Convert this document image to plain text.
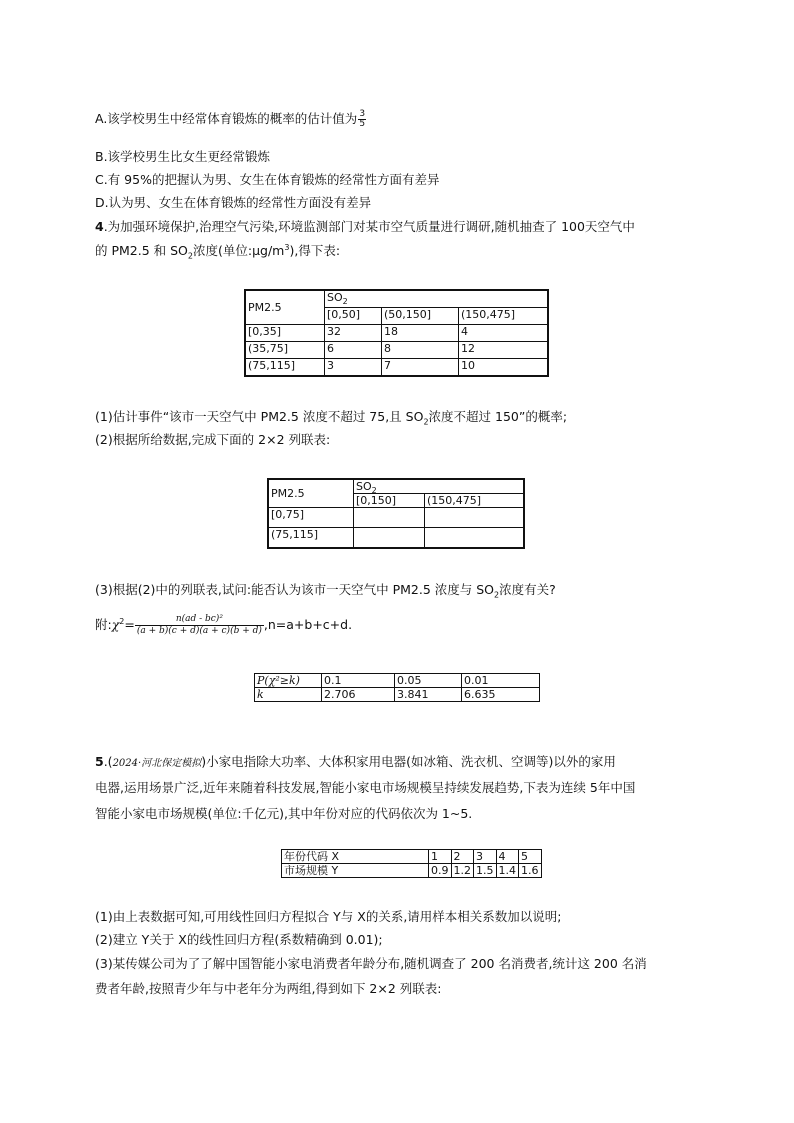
A.该学校男生中经常体育锻炼的概率的估计值为 $\frac{3}{5}$
B.该学校男生比女生更经常锻炼
C.有 95%的把握认为男、女生在体育锻炼的经常性方面有差异
D.认为男、女生在体育锻炼的经常性方面没有差异
4.为加强环境保护,治理空气污染,环境监测部门对某市空气质量进行调研,随机抽查了 100天空气中
的 PM2.5 和 $SO_2$浓度(单位$:\mu g/m^3$),得下表:
PM2.5	$SO_2$
	[0,50]	(50,150]	(150,475]
[0,35]	32	18	4
(35,75]	6	8	12
(75,115]	3	7	10
(1)估计事件“该市一天空气中 PM2.5 浓度不超过 75,且 $SO_2$浓度不超过 150”的概率;
(2)根据所给数据,完成下面的 2×2 列联表:
PM2.5	$SO_2$
	[0,150]	(150,475]
[0,75]		
(75,115]		
(3)根据(2)中的列联表,试问:能否认为该市一天空气中 PM2.5 浓度与 $SO_2$浓度有关?
附$:\chi^2= \frac{\text{n(ad - bc)²}}{(a + b)(c + d)(a + c)(b + d)} ,n=a+b+c+d$.
P(χ²≥k)	0.1	0.05	0.01
k	2.706	3.841	6.635
5.(2024·河北保定模拟)小家电指除大功率、大体积家用电器(如冰箱、洗衣机、空调等)以外的家用
电器,运用场景广泛,近年来随着科技发展,智能小家电市场规模呈持续发展趋势,下表为连续 5年中国
智能小家电市场规模(单位:千亿元),其中年份对应的代码依次为 1~5.
年份代码 X	1	2	3	4	5
市场规模 Y	0.9	1.2	1.5	1.4	1.6
(1)由上表数据可知,可用线性回归方程拟合 Y与 X的关系,请用样本相关系数加以说明;
(2)建立 Y关于 X的线性回归方程(系数精确到 0.01);
(3)某传媒公司为了了解中国智能小家电消费者年龄分布,随机调查了 200 名消费者,统计这 200 名消
费者年龄,按照青少年与中老年分为两组,得到如下 2×2 列联表:
